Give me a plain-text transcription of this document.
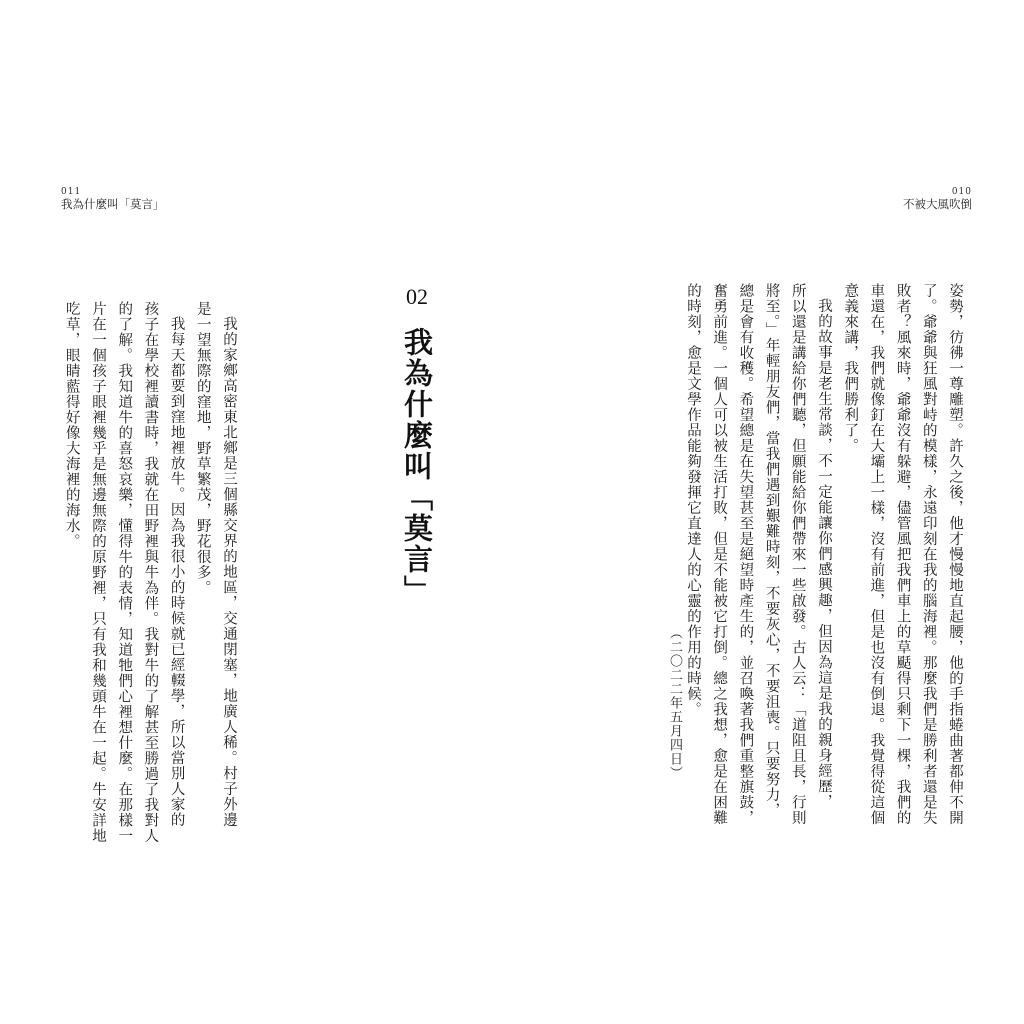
011
我為什麼叫「莫言」
02
我為什麼叫「莫言」

我的家鄉高密東北鄉是三個縣交界的地區，交通閉塞，地廣人稀。村子外邊

是一望無際的窪地，野草繁茂，野花很多。

我每天都要到窪地裡放牛。因為我很小的時候就已經輟學，所以當別人家的

孩子在學校裡讀書時，我就在田野裡與牛為伴。我對牛的了解甚至勝過了我對人

的了解。我知道牛的喜怒哀樂，懂得牛的表情，知道牠們心裡想什麼。在那樣一

片在一個孩子眼裡幾乎是無邊無際的原野裡，只有我和幾頭牛在一起。牛安詳地

吃草，眼睛藍得好像大海裡的海水。

010
不被大風吹倒

姿勢，彷彿一尊雕塑。許久之後，他才慢慢地直起腰，他的手指蜷曲著都伸不開

了。爺爺與狂風對峙的模樣，永遠印刻在我的腦海裡。那麼我們是勝利者還是失

敗者？風來時，爺爺沒有躲避，儘管風把我們車上的草颳得只剩下一棵，我們的

車還在，我們就像釘在大壩上一樣，沒有前進，但是也沒有倒退。我覺得從這個

意義來講，我們勝利了。

我的故事是老生常談，不一定能讓你們感興趣，但因為這是我的親身經歷，

所以還是講給你們聽，但願能給你們帶來一些啟發。古人云：「道阻且長，行則

將至。」年輕朋友們，當我們遇到艱難時刻，不要灰心，不要沮喪。只要努力，

總是會有收穫。希望總是在失望甚至是絕望時產生的，並召喚著我們重整旗鼓，

奮勇前進。一個人可以被生活打敗，但是不能被它打倒。總之我想，愈是在困難

的時刻，愈是文學作品能夠發揮它直達人的心靈的作用的時候。

（二〇二二年五月四日）
